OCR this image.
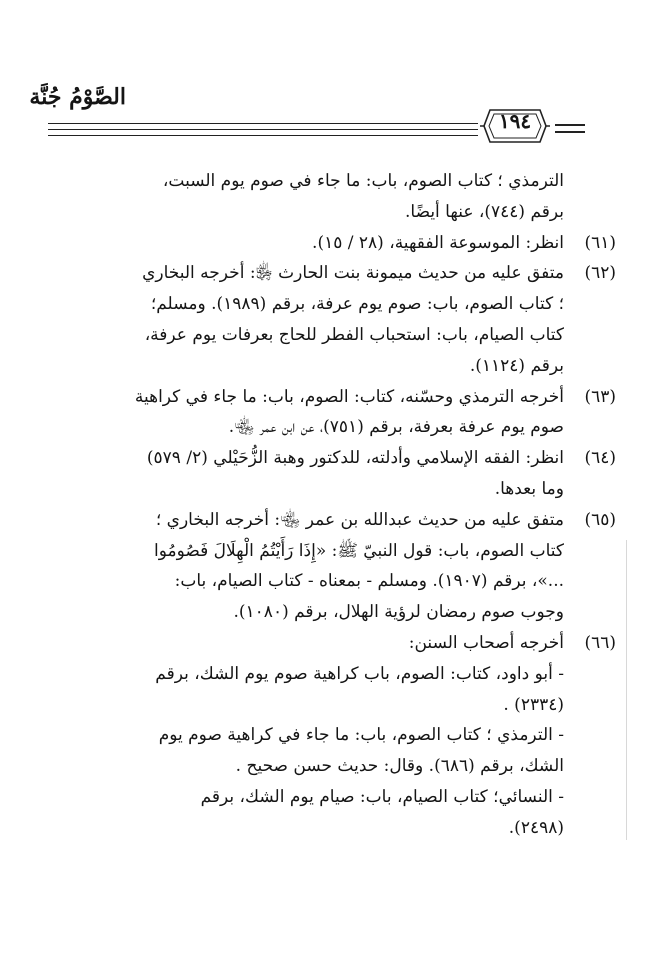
الصَّوْمُ جُنَّة
١٩٤
الترمذي ؛ كتاب الصوم، باب: ما جاء في صوم يوم السبت،
برقم (٧٤٤)، عنها أيضًا.
(٦١)
انظر: الموسوعة الفقهية، (٢٨ / ١٥).
(٦٢)
متفق عليه من حديث ميمونة بنت الحارث ﵂: أخرجه البخاري
؛ كتاب الصوم، باب: صوم يوم عرفة، برقم (١٩٨٩). ومسلم؛
كتاب الصيام، باب: استحباب الفطر للحاج بعرفات يوم عرفة،
برقم (١١٢٤).
(٦٣)
أخرجه الترمذي وحسّنه، كتاب: الصوم، باب: ما جاء في كراهية
صوم يوم عرفة بعرفة، برقم (٧٥١)، عن ابن عمر ﵄.
(٦٤)
انظر: الفقه الإسلامي وأدلته، للدكتور وهبة الزُّحَيْلي (٢/ ٥٧٩)
وما بعدها.
(٦٥)
متفق عليه من حديث عبدالله بن عمر ﵄: أخرجه البخاري ؛
كتاب الصوم، باب: قول النبيّ ﷺ: «إِذَا رَأَيْتُمُ الْهِلَالَ فَصُومُوا
...»، برقم (١٩٠٧). ومسلم - بمعناه - كتاب الصيام، باب:
وجوب صوم رمضان لرؤية الهلال، برقم (١٠٨٠).
(٦٦)
أخرجه أصحاب السنن:
- أبو داود، كتاب: الصوم، باب كراهية صوم يوم الشك، برقم
(٢٣٣٤) .
- الترمذي ؛ كتاب الصوم، باب: ما جاء في كراهية صوم يوم
الشك، برقم (٦٨٦). وقال: حديث حسن صحيح .
- النسائي؛ كتاب الصيام، باب: صيام يوم الشك، برقم
(٢٤٩٨).
